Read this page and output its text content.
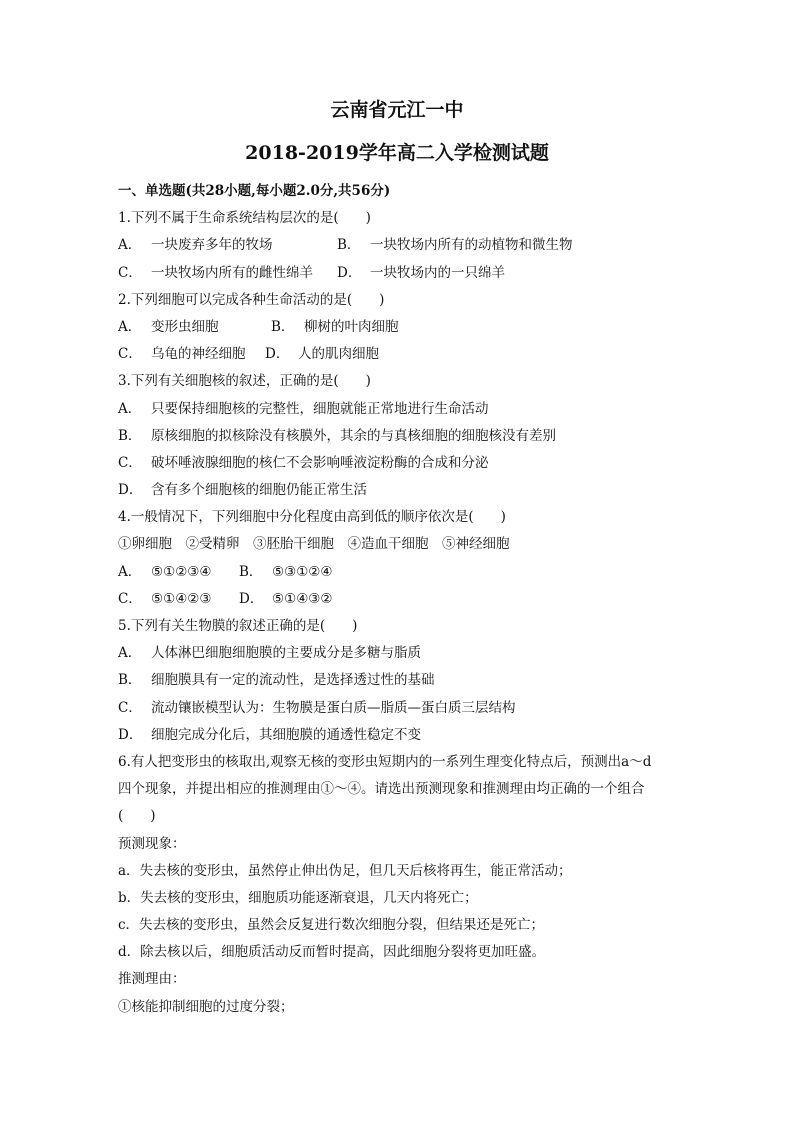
云南省元江一中
2018-2019学年高二入学检测试题
一、单选题(共28小题,每小题2.0分,共56分)
1.下列不属于生命系统结构层次的是(　　)
A． 一块废弃多年的牧场	B． 一块牧场内所有的动植物和微生物
C． 一块牧场内所有的雌性绵羊 D． 一块牧场内的一只绵羊
2.下列细胞可以完成各种生命活动的是(　　)
A． 变形虫细胞	B． 柳树的叶肉细胞
C． 乌龟的神经细胞 D． 人的肌肉细胞
3.下列有关细胞核的叙述，正确的是(　　)
A． 只要保持细胞核的完整性，细胞就能正常地进行生命活动
B． 原核细胞的拟核除没有核膜外，其余的与真核细胞的细胞核没有差别
C． 破坏唾液腺细胞的核仁不会影响唾液淀粉酶的合成和分泌
D． 含有多个细胞核的细胞仍能正常生活
4.一般情况下，下列细胞中分化程度由高到低的顺序依次是(　　)
①卵细胞　②受精卵　③胚胎干细胞　④造血干细胞　⑤神经细胞
A． ⑤①②③④ B． ⑤③①②④
C． ⑤①④②③ D． ⑤①④③②
5.下列有关生物膜的叙述正确的是(　　)
A． 人体淋巴细胞细胞膜的主要成分是多糖与脂质
B． 细胞膜具有一定的流动性，是选择透过性的基础
C． 流动镶嵌模型认为：生物膜是蛋白质—脂质—蛋白质三层结构
D． 细胞完成分化后，其细胞膜的通透性稳定不变
6.有人把变形虫的核取出,观察无核的变形虫短期内的一系列生理变化特点后，预测出a～d
四个现象，并提出相应的推测理由①～④。请选出预测现象和推测理由均正确的一个组合
(　　)
预测现象：
a．失去核的变形虫，虽然停止伸出伪足，但几天后核将再生，能正常活动；
b．失去核的变形虫，细胞质功能逐渐衰退，几天内将死亡；
c．失去核的变形虫，虽然会反复进行数次细胞分裂，但结果还是死亡；
d．除去核以后，细胞质活动反而暂时提高，因此细胞分裂将更加旺盛。
推测理由：
①核能抑制细胞的过度分裂；
